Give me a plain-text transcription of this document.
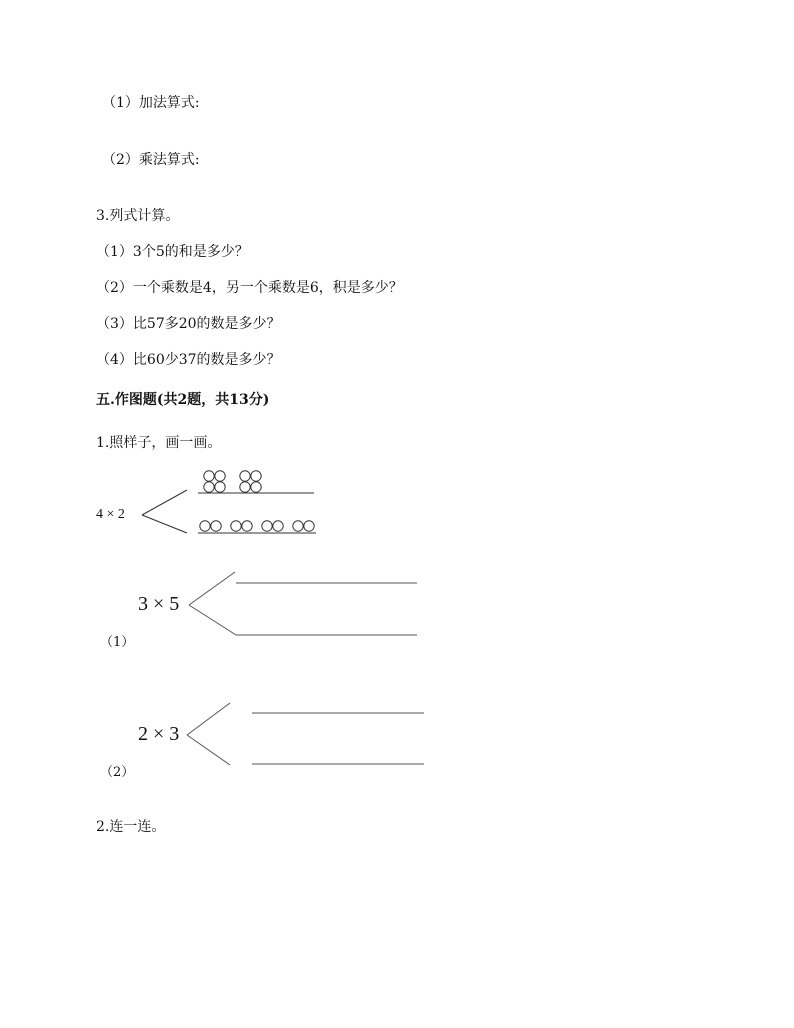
（1）加法算式:
（2）乘法算式:
3.列式计算。
（1）3个5的和是多少？
（2）一个乘数是4，另一个乘数是6，积是多少？
（3）比57多20的数是多少？
（4）比60少37的数是多少？
五.作图题(共2题，共13分)
1.照样子，画一画。
4 × 2
3 × 5
（1）
2 × 3
（2）
2.连一连。
